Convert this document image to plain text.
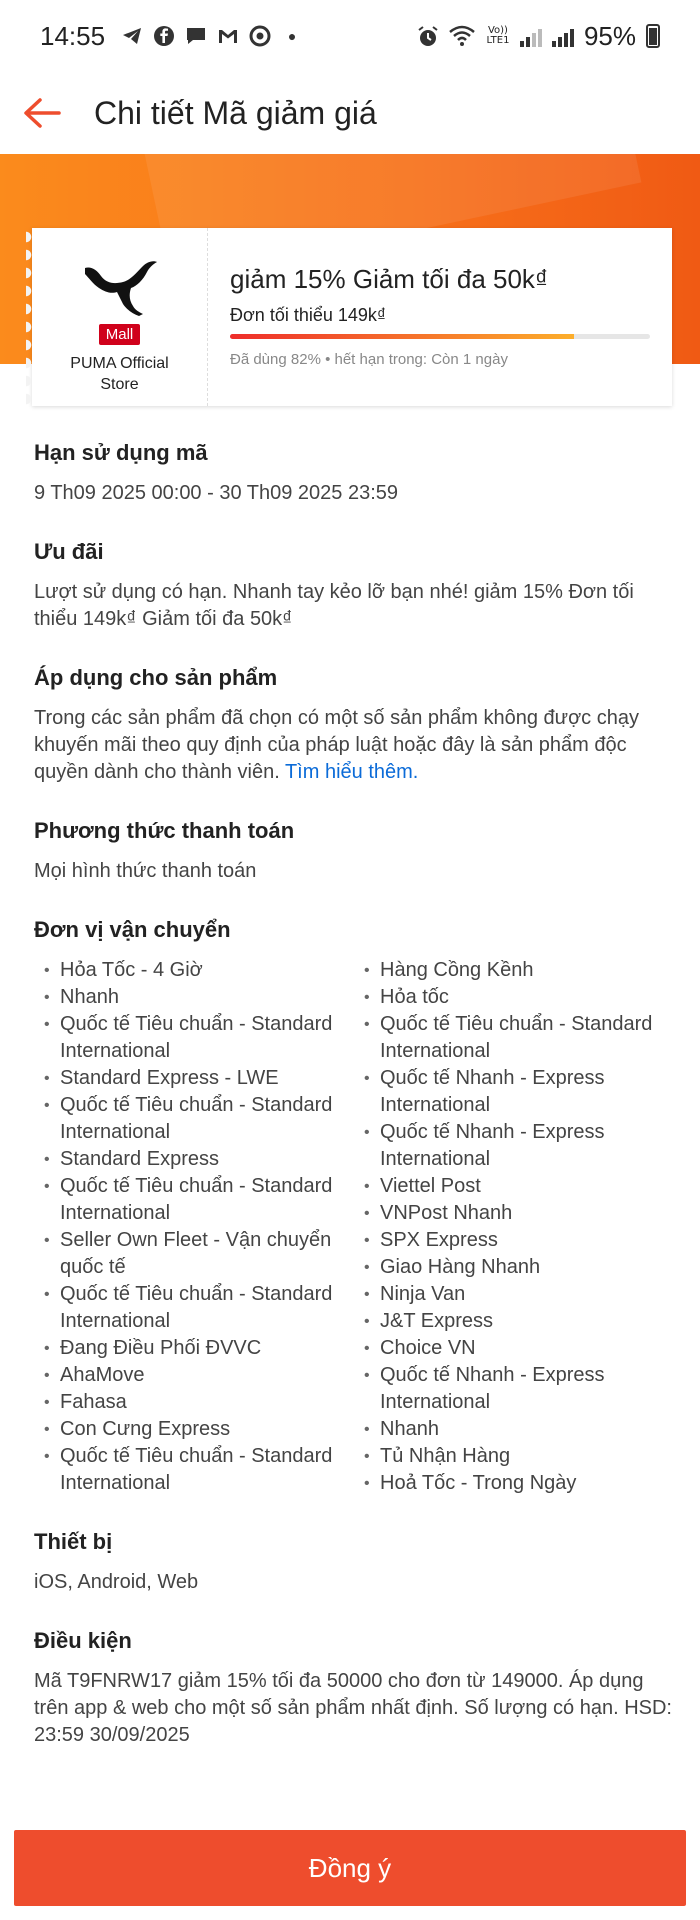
14:55	●	Vo)) LTE1	95%
Chi tiết Mã giảm giá
Mall
PUMA Official
Store
giảm 15% Giảm tối đa 50k₫
Đơn tối thiểu 149k₫
Đã dùng 82% • hết hạn trong: Còn 1 ngày
Hạn sử dụng mã
9 Th09 2025 00:00 - 30 Th09 2025 23:59
Ưu đãi
Lượt sử dụng có hạn. Nhanh tay kẻo lỡ bạn nhé! giảm 15% Đơn tối thiểu 149k₫ Giảm tối đa 50k₫
Áp dụng cho sản phẩm
Trong các sản phẩm đã chọn có một số sản phẩm không được chạy khuyến mãi theo quy định của pháp luật hoặc đây là sản phẩm độc quyền dành cho thành viên. Tìm hiểu thêm.
Phương thức thanh toán
Mọi hình thức thanh toán
Đơn vị vận chuyển
• Hỏa Tốc - 4 Giờ
• Nhanh
• Quốc tế Tiêu chuẩn - Standard International
• Standard Express - LWE
• Quốc tế Tiêu chuẩn - Standard International
• Standard Express
• Quốc tế Tiêu chuẩn - Standard International
• Seller Own Fleet - Vận chuyển quốc tế
• Quốc tế Tiêu chuẩn - Standard International
• Đang Điều Phối ĐVVC
• AhaMove
• Fahasa
• Con Cưng Express
• Quốc tế Tiêu chuẩn - Standard International
• Hàng Cồng Kềnh
• Hỏa tốc
• Quốc tế Tiêu chuẩn - Standard International
• Quốc tế Nhanh - Express International
• Quốc tế Nhanh - Express International
• Viettel Post
• VNPost Nhanh
• SPX Express
• Giao Hàng Nhanh
• Ninja Van
• J&T Express
• Choice VN
• Quốc tế Nhanh - Express International
• Nhanh
• Tủ Nhận Hàng
• Hoả Tốc - Trong Ngày
Thiết bị
iOS, Android, Web
Điều kiện
Mã T9FNRW17 giảm 15% tối đa 50000 cho đơn từ 149000. Áp dụng trên app & web cho một số sản phẩm nhất định. Số lượng có hạn. HSD: 23:59 30/09/2025
Đồng ý
